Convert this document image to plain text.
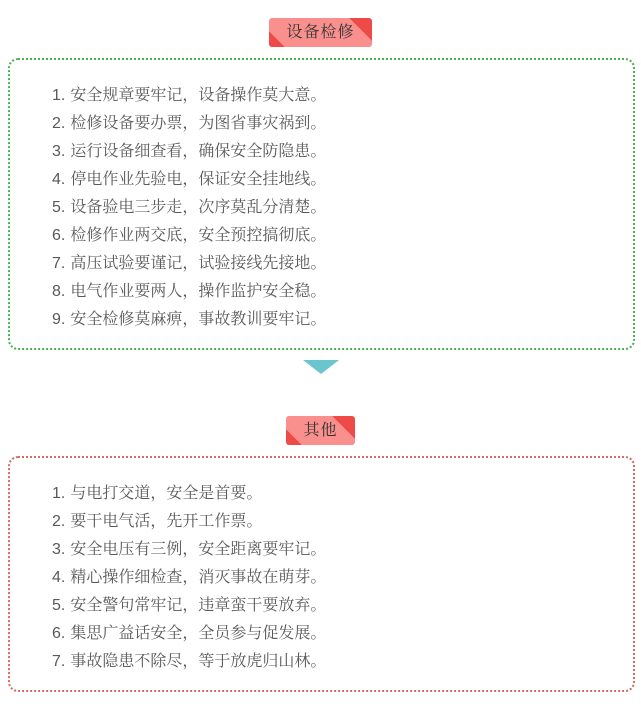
设备检修
1. 安全规章要牢记，设备操作莫大意。
2. 检修设备要办票，为图省事灾祸到。
3. 运行设备细查看，确保安全防隐患。
4. 停电作业先验电，保证安全挂地线。
5. 设备验电三步走，次序莫乱分清楚。
6. 检修作业两交底，安全预控搞彻底。
7. 高压试验要谨记，试验接线先接地。
8. 电气作业要两人，操作监护安全稳。
9. 安全检修莫麻痹，事故教训要牢记。
其他
1. 与电打交道，安全是首要。
2. 要干电气活，先开工作票。
3. 安全电压有三例，安全距离要牢记。
4. 精心操作细检查，消灭事故在萌芽。
5. 安全警句常牢记，违章蛮干要放弃。
6. 集思广益话安全，全员参与促发展。
7. 事故隐患不除尽，等于放虎归山林。
